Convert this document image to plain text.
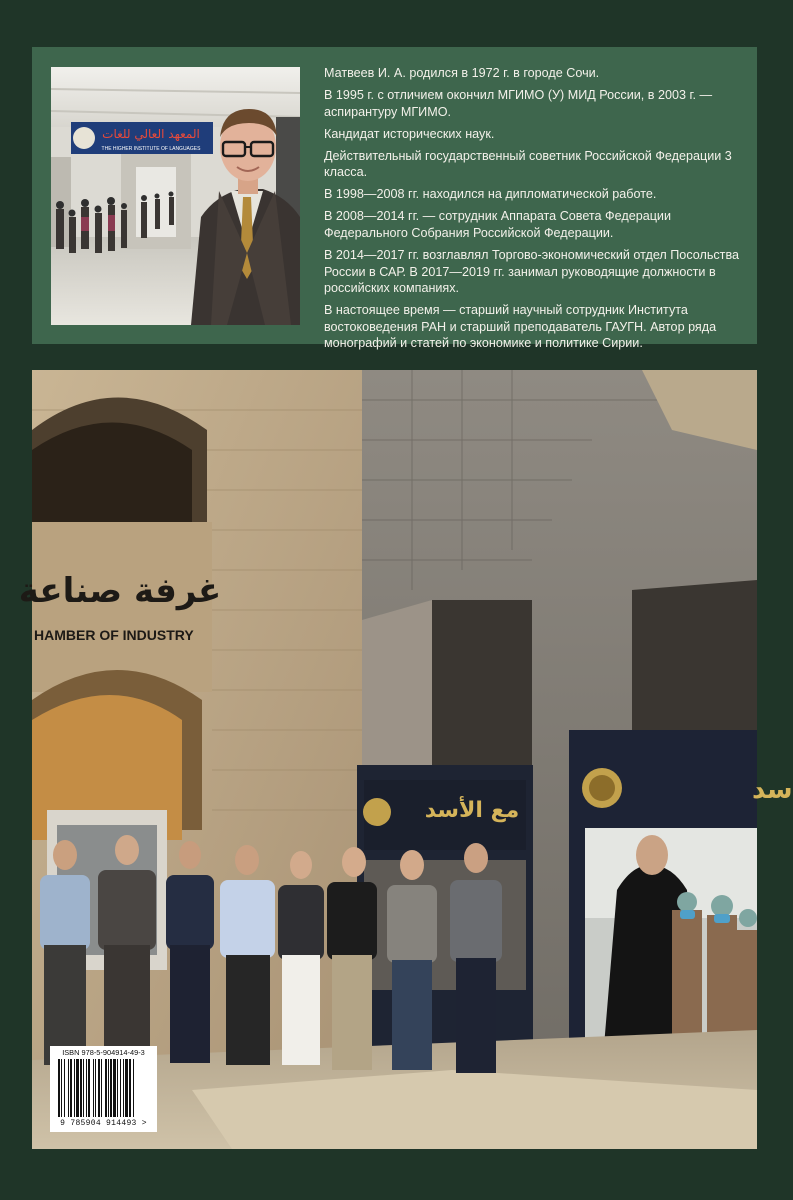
المعهد العالي للغات
THE HIGHER INSTITUTE OF LANGUAGES

Матвеев И. А. родился в 1972 г. в городе Сочи.

В 1995 г. с отличием окончил МГИМО (У) МИД России, в 2003 г. — аспирантуру МГИМО.

Кандидат исторических наук.

Действительный государственный советник Российской Федерации 3 класса.

В 1998—2008 гг. находился на дипломатической работе.

В 2008—2014 гг. — сотрудник Аппарата Совета Федерации Федерального Собрания Российской Федерации.

В 2014—2017 гг. возглавлял Торгово-экономический отдел Посольства России в САР. В 2017—2019 гг. занимал руководящие должности в российских компаниях.

В настоящее время — старший научный сотрудник Института востоковедения РАН и старший преподаватель ГАУГН. Автор ряда монографий и статей по экономике и политике Сирии.

غرفة صناعة
HAMBER OF INDUSTRY
مع الأسد
سد
ISBN 978-5-904914-49-3
9 785904 914493 >
